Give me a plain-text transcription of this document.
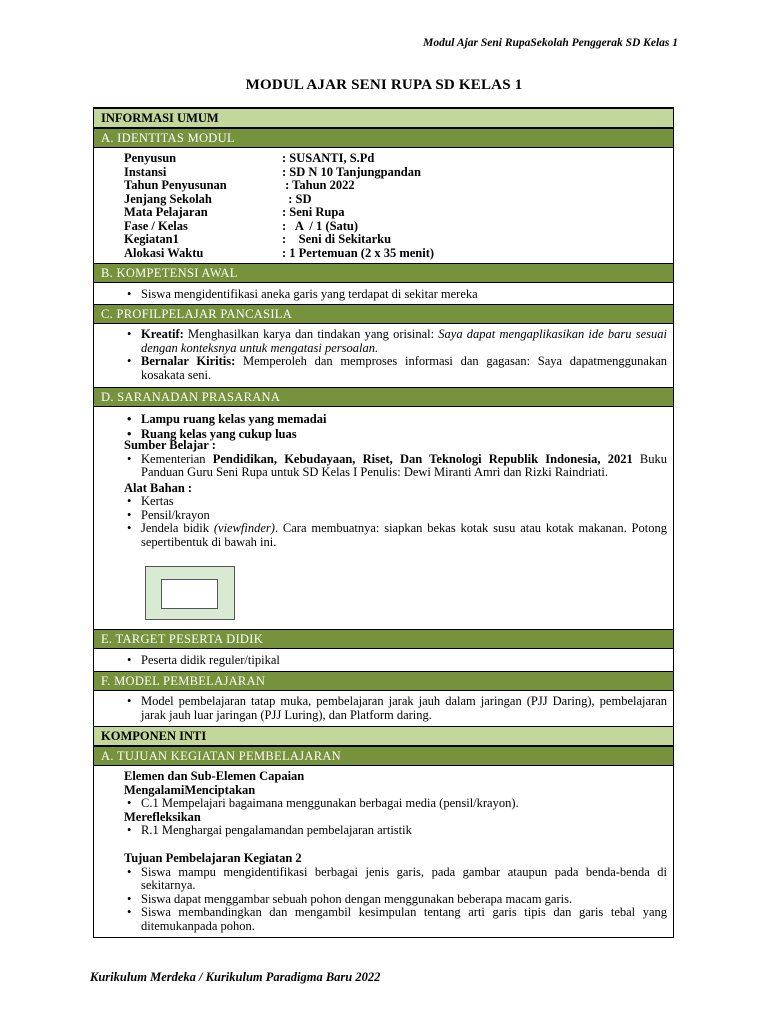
Modul Ajar Seni RupaSekolah Penggerak SD Kelas 1
MODUL AJAR SENI RUPA SD KELAS 1
INFORMASI UMUM
A. IDENTITAS MODUL
Penyusun	: SUSANTI, S.Pd
Instansi	: SD N 10 Tanjungpandan
Tahun Penyusunan	: Tahun 2022
Jenjang Sekolah	: SD
Mata Pelajaran	: Seni Rupa
Fase / Kelas	:   A  / 1 (Satu)
Kegiatan1	:    Seni di Sekitarku
Alokasi Waktu	: 1 Pertemuan (2 x 35 menit)
B. KOMPETENSI AWAL

• Siswa mengidentifikasi aneka garis yang terdapat di sekitar mereka

C. PROFILPELAJAR PANCASILA

• Kreatif: Menghasilkan karya dan tindakan yang orisinal: Saya dapat mengaplikasikan ide baru sesuai dengan konteksnya untuk mengatasi persoalan.

• Bernalar Kiritis: Memperoleh dan memproses informasi dan gagasan: Saya dapatmenggunakan kosakata seni.

D. SARANADAN PRASARANA

• Lampu ruang kelas yang memadai

• Ruang kelas yang cukup luas

Sumber Belajar :

• Kementerian Pendidikan, Kebudayaan, Riset, Dan Teknologi Republik Indonesia, 2021 Buku Panduan Guru Seni Rupa untuk SD Kelas I Penulis: Dewi Miranti Amri dan Rizki Raindriati.

Alat Bahan :

• Kertas

• Pensil/krayon

• Jendela bidik (viewfinder). Cara membuatnya: siapkan bekas kotak susu atau kotak makanan. Potong sepertibentuk di bawah ini.

E. TARGET PESERTA DIDIK

• Peserta didik reguler/tipikal

F. MODEL PEMBELAJARAN

• Model pembelajaran tatap muka, pembelajaran jarak jauh dalam jaringan (PJJ Daring), pembelajaran jarak jauh luar jaringan (PJJ Luring), dan Platform daring.

KOMPONEN INTI
A. TUJUAN KEGIATAN PEMBELAJARAN

Elemen dan Sub-Elemen Capaian

MengalamiMenciptakan

• C.1 Mempelajari bagaimana menggunakan berbagai media (pensil/krayon).

Merefleksikan

• R.1 Menghargai pengalamandan pembelajaran artistik

Tujuan Pembelajaran Kegiatan 2

• Siswa mampu mengidentifikasi berbagai jenis garis, pada gambar ataupun pada benda-benda di sekitarnya.

• Siswa dapat menggambar sebuah pohon dengan menggunakan beberapa macam garis.

• Siswa membandingkan dan mengambil kesimpulan tentang arti garis tipis dan garis tebal yang ditemukanpada pohon.

Kurikulum Merdeka / Kurikulum Paradigma Baru 2022
